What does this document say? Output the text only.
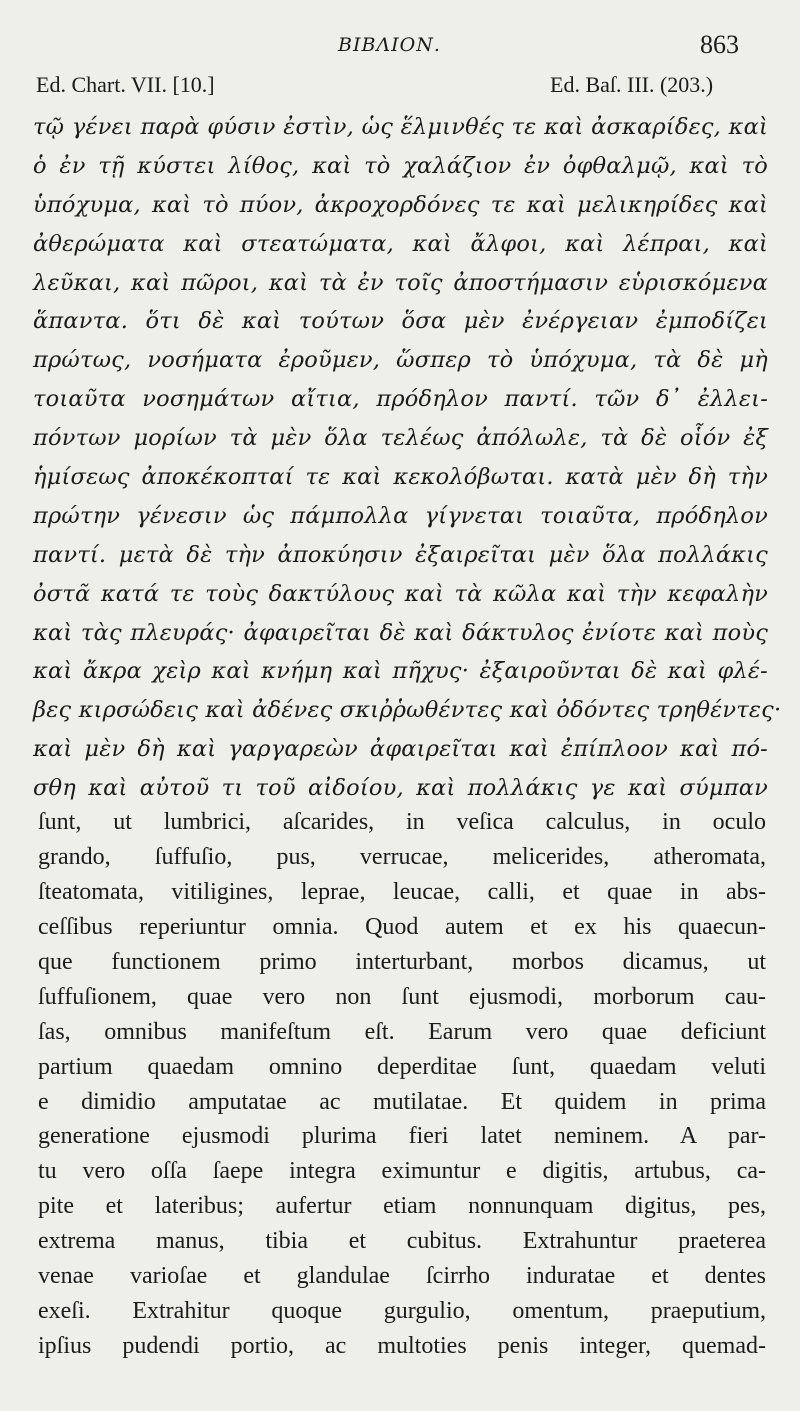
ΒΙΒΛΙΟΝ.	863
Ed. Chart. VII. [10.]	Ed. Baſ. III. (203.)
τῷ γένει παρὰ φύσιν ἐστὶν, ὡς ἕλμινθές τε καὶ ἀσκαρίδες, καὶ
ὁ ἐν τῇ κύστει λίθος, καὶ τὸ χαλάζιον ἐν ὀφθαλμῷ, καὶ τὸ
ὑπόχυμα, καὶ τὸ πύον, ἀκροχορδόνες τε καὶ μελικηρίδες καὶ
ἀθερώματα καὶ στεατώματα, καὶ ἄλφοι, καὶ λέπραι, καὶ
λεῦκαι, καὶ πῶροι, καὶ τὰ ἐν τοῖς ἀποστήμασιν εὑρισκόμενα
ἅπαντα. ὅτι δὲ καὶ τούτων ὅσα μὲν ἐνέργειαν ἐμποδίζει
πρώτως, νοσήματα ἐροῦμεν, ὥσπερ τὸ ὑπόχυμα, τὰ δὲ μὴ
τοιαῦτα νοσημάτων αἴτια, πρόδηλον παντί. τῶν δ᾽ ἐλλει-
πόντων μορίων τὰ μὲν ὅλα τελέως ἀπόλωλε, τὰ δὲ οἷόν ἐξ
ἡμίσεως ἀποκέκοπταί τε καὶ κεκολόβωται. κατὰ μὲν δὴ τὴν
πρώτην γένεσιν ὡς πάμπολλα γίγνεται τοιαῦτα, πρόδηλον
παντί. μετὰ δὲ τὴν ἀποκύησιν ἐξαιρεῖται μὲν ὅλα πολλάκις
ὀστᾶ κατά τε τοὺς δακτύλους καὶ τὰ κῶλα καὶ τὴν κεφαλὴν
καὶ τὰς πλευράς· ἀφαιρεῖται δὲ καὶ δάκτυλος ἐνίοτε καὶ ποὺς
καὶ ἄκρα χεὶρ καὶ κνήμη καὶ πῆχυς· ἐξαιροῦνται δὲ καὶ φλέ-
βες κιρσώδεις καὶ ἀδένες σκιῤῥωθέντες καὶ ὀδόντες τρηθέντες·
καὶ μὲν δὴ καὶ γαργαρεὼν ἀφαιρεῖται καὶ ἐπίπλοον καὶ πό-
σθη καὶ αὐτοῦ τι τοῦ αἰδοίου, καὶ πολλάκις γε καὶ σύμπαν
ſunt, ut lumbrici, aſcarides, in veſica calculus, in oculo
grando, ſuffuſio, pus, verrucae, melicerides, atheromata,
ſteatomata, vitiligines, leprae, leucae, calli, et quae in abs-
ceſſibus reperiuntur omnia. Quod autem et ex his quaecun-
que functionem primo interturbant, morbos dicamus, ut
ſuffuſionem, quae vero non ſunt ejusmodi, morborum cau-
ſas, omnibus manifeſtum eſt. Earum vero quae deficiunt
partium quaedam omnino deperditae ſunt, quaedam veluti
e dimidio amputatae ac mutilatae. Et quidem in prima
generatione ejusmodi plurima fieri latet neminem. A par-
tu vero oſſa ſaepe integra eximuntur e digitis, artubus, ca-
pite et lateribus; aufertur etiam nonnunquam digitus, pes,
extrema manus, tibia et cubitus. Extrahuntur praeterea
venae varioſae et glandulae ſcirrho induratae et dentes
exeſi. Extrahitur quoque gurgulio, omentum, praeputium,
ipſius pudendi portio, ac multoties penis integer, quemad-
